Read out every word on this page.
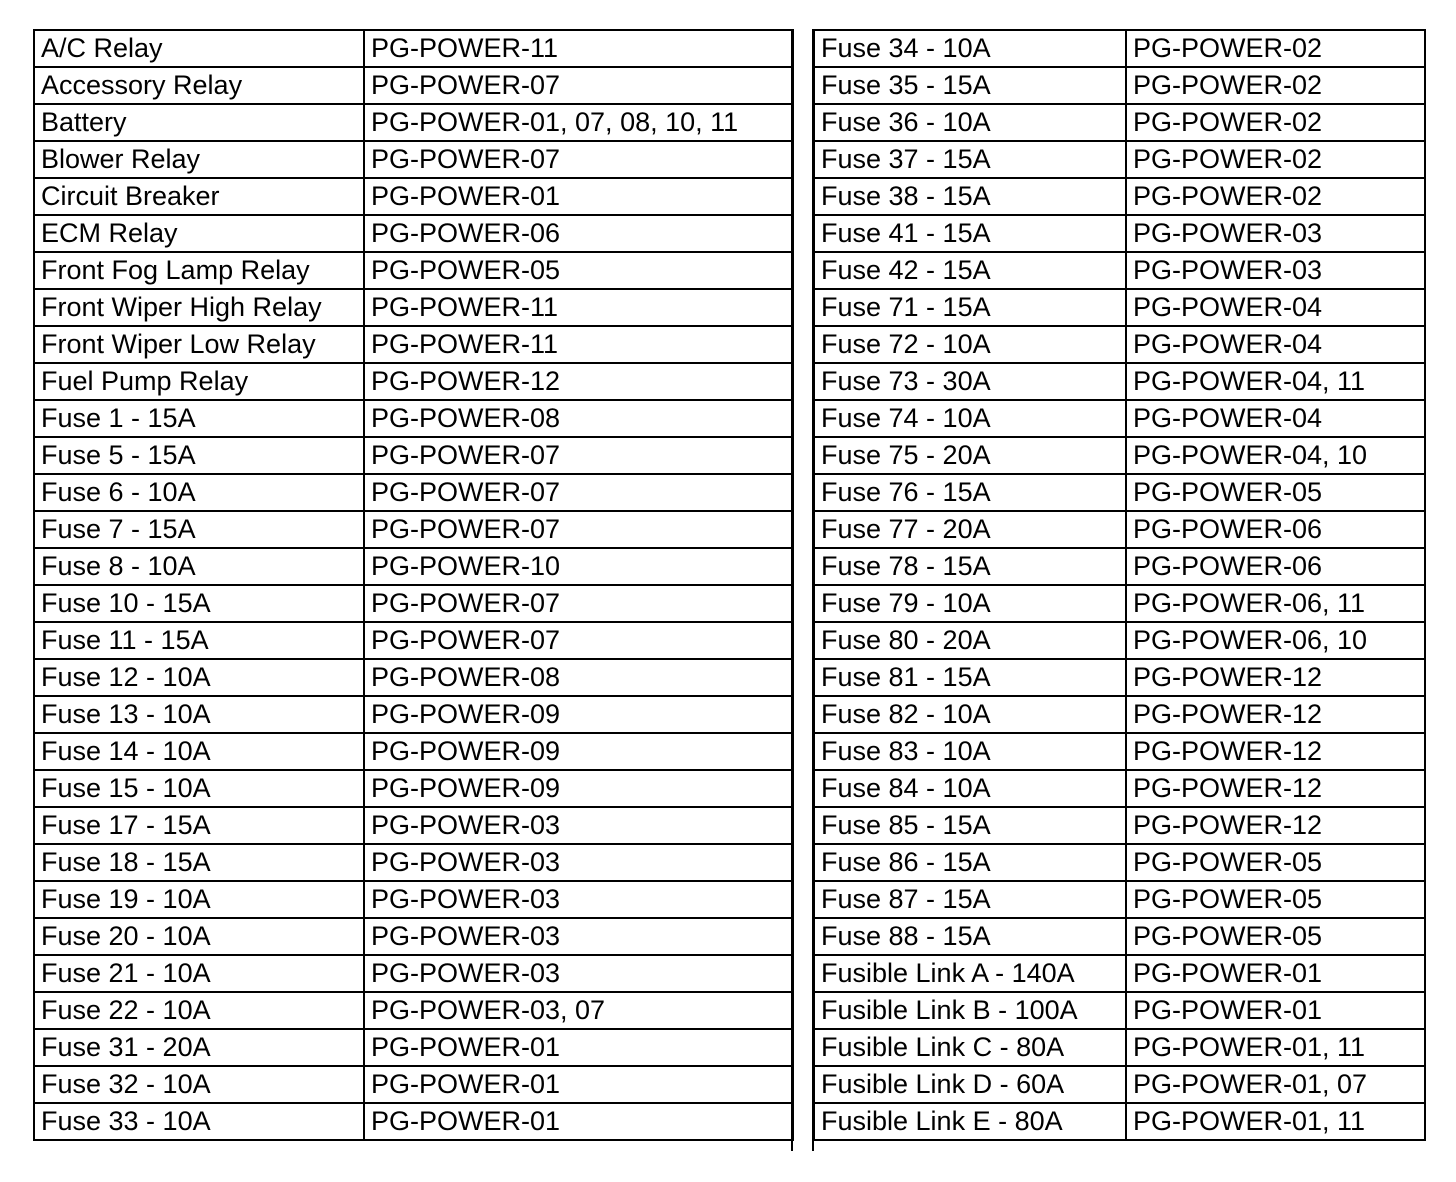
A/C Relay	PG-POWER-11
Accessory Relay	PG-POWER-07
Battery	PG-POWER-01, 07, 08, 10, 11
Blower Relay	PG-POWER-07
Circuit Breaker	PG-POWER-01
ECM Relay	PG-POWER-06
Front Fog Lamp Relay	PG-POWER-05
Front Wiper High Relay	PG-POWER-11
Front Wiper Low Relay	PG-POWER-11
Fuel Pump Relay	PG-POWER-12
Fuse 1 - 15A	PG-POWER-08
Fuse 5 - 15A	PG-POWER-07
Fuse 6 - 10A	PG-POWER-07
Fuse 7 - 15A	PG-POWER-07
Fuse 8 - 10A	PG-POWER-10
Fuse 10 - 15A	PG-POWER-07
Fuse 11 - 15A	PG-POWER-07
Fuse 12 - 10A	PG-POWER-08
Fuse 13 - 10A	PG-POWER-09
Fuse 14 - 10A	PG-POWER-09
Fuse 15 - 10A	PG-POWER-09
Fuse 17 - 15A	PG-POWER-03
Fuse 18 - 15A	PG-POWER-03
Fuse 19 - 10A	PG-POWER-03
Fuse 20 - 10A	PG-POWER-03
Fuse 21 - 10A	PG-POWER-03
Fuse 22 - 10A	PG-POWER-03, 07
Fuse 31 - 20A	PG-POWER-01
Fuse 32 - 10A	PG-POWER-01
Fuse 33 - 10A	PG-POWER-01
Fuse 34 - 10A	PG-POWER-02
Fuse 35 - 15A	PG-POWER-02
Fuse 36 - 10A	PG-POWER-02
Fuse 37 - 15A	PG-POWER-02
Fuse 38 - 15A	PG-POWER-02
Fuse 41 - 15A	PG-POWER-03
Fuse 42 - 15A	PG-POWER-03
Fuse 71 - 15A	PG-POWER-04
Fuse 72 - 10A	PG-POWER-04
Fuse 73 - 30A	PG-POWER-04, 11
Fuse 74 - 10A	PG-POWER-04
Fuse 75 - 20A	PG-POWER-04, 10
Fuse 76 - 15A	PG-POWER-05
Fuse 77 - 20A	PG-POWER-06
Fuse 78 - 15A	PG-POWER-06
Fuse 79 - 10A	PG-POWER-06, 11
Fuse 80 - 20A	PG-POWER-06, 10
Fuse 81 - 15A	PG-POWER-12
Fuse 82 - 10A	PG-POWER-12
Fuse 83 - 10A	PG-POWER-12
Fuse 84 - 10A	PG-POWER-12
Fuse 85 - 15A	PG-POWER-12
Fuse 86 - 15A	PG-POWER-05
Fuse 87 - 15A	PG-POWER-05
Fuse 88 - 15A	PG-POWER-05
Fusible Link A - 140A	PG-POWER-01
Fusible Link B - 100A	PG-POWER-01
Fusible Link C - 80A	PG-POWER-01, 11
Fusible Link D - 60A	PG-POWER-01, 07
Fusible Link E - 80A	PG-POWER-01, 11
